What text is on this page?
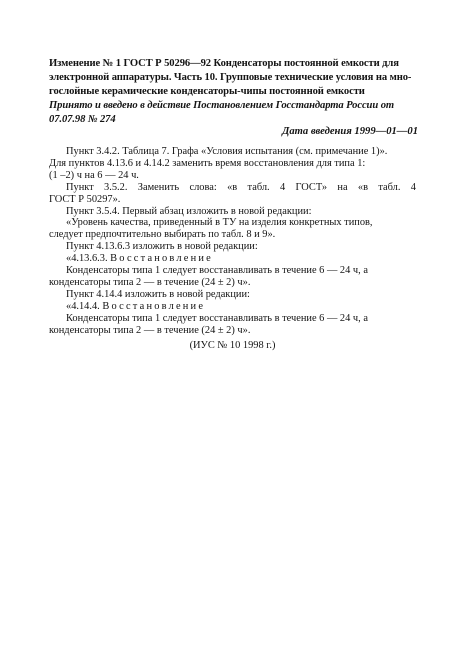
Изменение № 1 ГОСТ Р 50296—92 Конденсаторы постоянной емкости для
электронной аппаратуры. Часть 10. Групповые технические условия на мно-
гослойные керамические конденсаторы-чипы постоянной емкости
Принято и введено в действие Постановлением Госстандарта России от
07.07.98 № 274
Дата введения 1999—01—01
Пункт 3.4.2. Таблица 7. Графа «Условия испытания (см. примечание 1)».
Для пунктов 4.13.6 и 4.14.2 заменить время восстановления для типа 1:
(1 –2) ч на 6 — 24 ч.
Пункт 3.5.2. Заменить слова: «в табл. 4 ГОСТ» на «в табл. 4
ГОСТ Р 50297».
Пункт 3.5.4. Первый абзац изложить в новой редакции:
«Уровень качества, приведенный в ТУ на изделия конкретных типов,
следует предпочтительно выбирать по табл. 8 и 9».
Пункт 4.13.6.3 изложить в новой редакции:
«4.13.6.3. Восстановление
Конденсаторы типа 1 следует восстанавливать в течение 6 — 24 ч, а
конденсаторы типа 2 — в течение (24 ± 2) ч».
Пункт 4.14.4 изложить в новой редакции:
«4.14.4. Восстановление
Конденсаторы типа 1 следует восстанавливать в течение 6 — 24 ч, а
конденсаторы типа 2 — в течение (24 ± 2) ч».
(ИУС № 10 1998 г.)
